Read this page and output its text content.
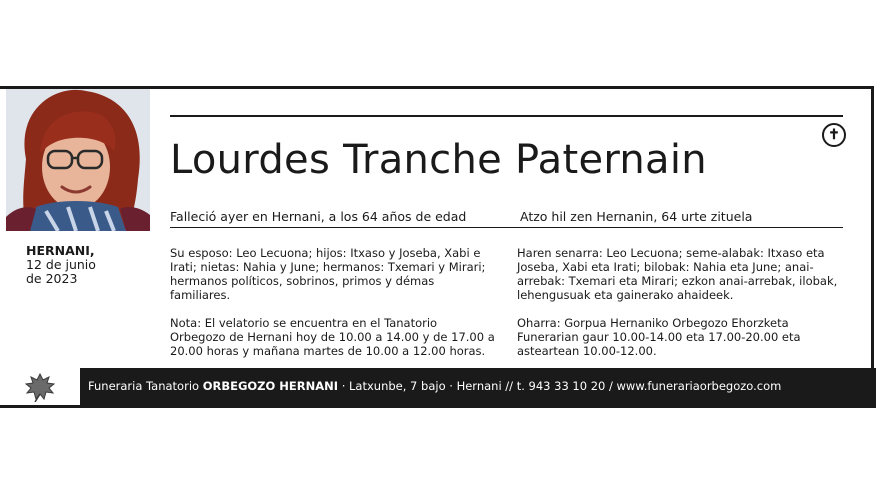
✝
Lourdes Tranche Paternain
Falleció ayer en Hernani, a los 64 años de edad	Atzo hil zen Hernanin, 64 urte zituela
HERNANI,
12 de junio
de 2023

Su esposo: Leo Lecuona; hijos: Itxaso y Joseba, Xabi e Irati; nietas: Nahia y June; hermanos: Txemari y Mirari; hermanos políticos, sobrinos, primos y démas familiares.

Nota: El velatorio se encuentra en el Tanatorio Orbegozo de Hernani hoy de 10.00 a 14.00 y de 17.00 a 20.00 horas y mañana martes de 10.00 a 12.00 horas.

Haren senarra: Leo Lecuona; seme-alabak: Itxaso eta Joseba, Xabi eta Irati; bilobak: Nahia eta June; anai-arrebak: Txemari eta Mirari; ezkon anai-arrebak, ilobak, lehengusuak eta gainerako ahaideek.

Oharra: Gorpua Hernaniko Orbegozo Ehorzketa Funerarian gaur 10.00-14.00 eta 17.00-20.00 eta asteartean 10.00-12.00.

Funeraria Tanatorio ORBEGOZO HERNANI · Latxunbe, 7 bajo · Hernani // t. 943 33 10 20 / www.funerariaorbegozo.com
